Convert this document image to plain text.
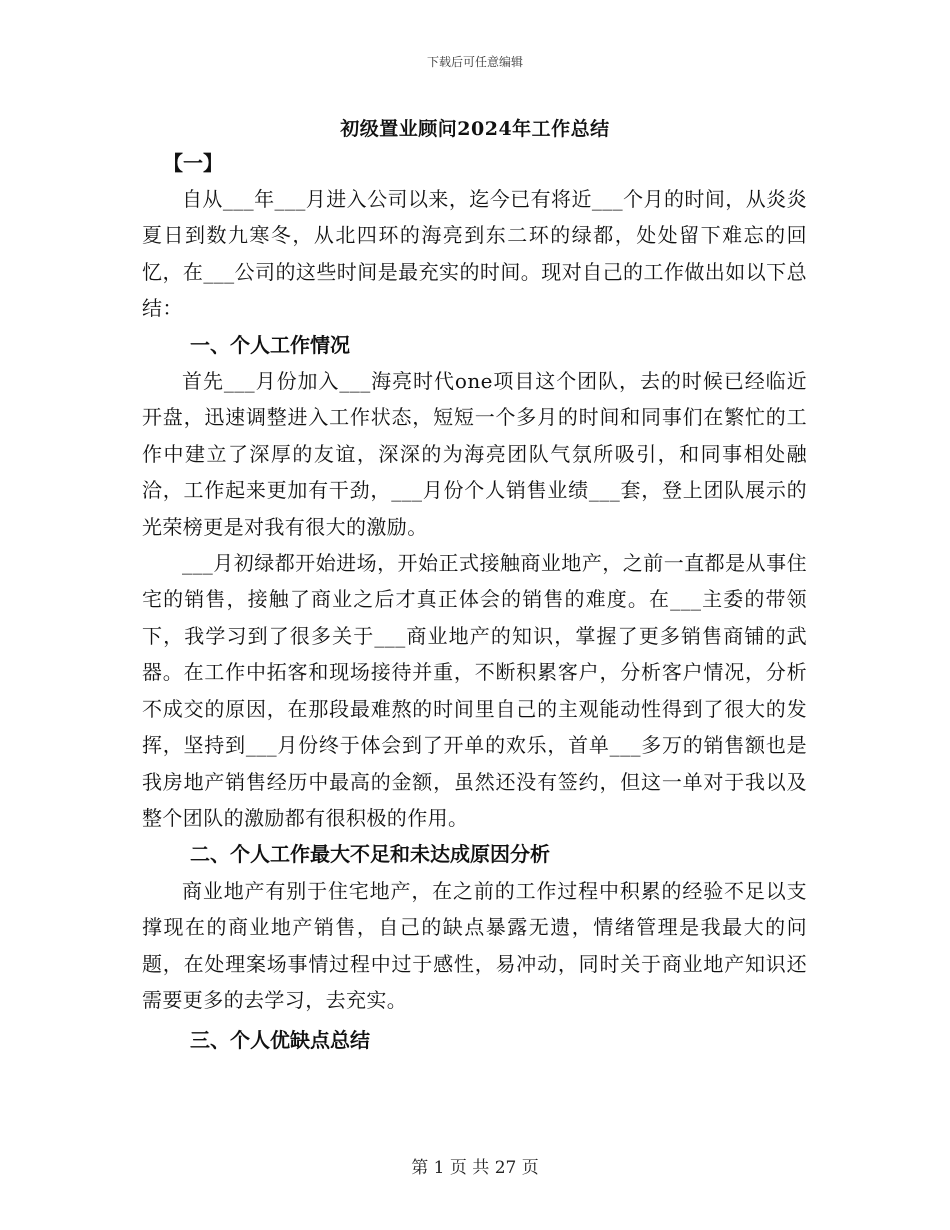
下载后可任意编辑
初级置业顾问2024年工作总结
【一】

自从___年___月进入公司以来，迄今已有将近___个月的时间，从炎炎夏日到数九寒冬，从北四环的海亮到东二环的绿都，处处留下难忘的回忆，在___公司的这些时间是最充实的时间。现对自己的工作做出如以下总结：

一、个人工作情况

首先___月份加入___海亮时代one项目这个团队，去的时候已经临近开盘，迅速调整进入工作状态，短短一个多月的时间和同事们在繁忙的工作中建立了深厚的友谊，深深的为海亮团队气氛所吸引，和同事相处融洽，工作起来更加有干劲，___月份个人销售业绩___套，登上团队展示的光荣榜更是对我有很大的激励。

___月初绿都开始进场，开始正式接触商业地产，之前一直都是从事住宅的销售，接触了商业之后才真正体会的销售的难度。在___主委的带领下，我学习到了很多关于___商业地产的知识，掌握了更多销售商铺的武器。在工作中拓客和现场接待并重，不断积累客户，分析客户情况，分析不成交的原因，在那段最难熬的时间里自己的主观能动性得到了很大的发挥，坚持到___月份终于体会到了开单的欢乐，首单___多万的销售额也是我房地产销售经历中最高的金额，虽然还没有签约，但这一单对于我以及整个团队的激励都有很积极的作用。

二、个人工作最大不足和未达成原因分析

商业地产有别于住宅地产，在之前的工作过程中积累的经验不足以支撑现在的商业地产销售，自己的缺点暴露无遗，情绪管理是我最大的问题，在处理案场事情过程中过于感性，易冲动，同时关于商业地产知识还需要更多的去学习，去充实。

三、个人优缺点总结

第 1 页 共 27 页
